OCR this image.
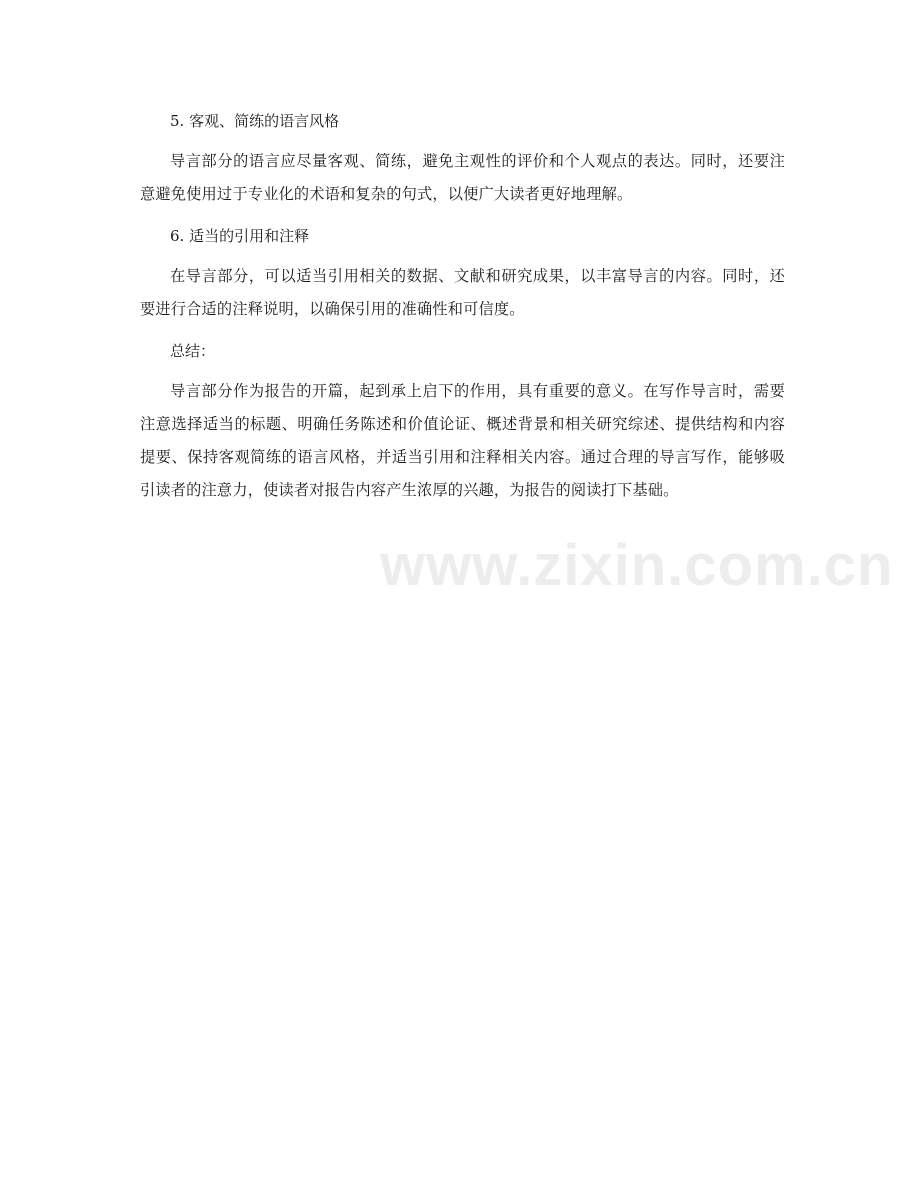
5. 客观、简练的语言风格

导言部分的语言应尽量客观、简练，避免主观性的评价和个人观点的表达。同时，还要注意避免使用过于专业化的术语和复杂的句式，以便广大读者更好地理解。

6. 适当的引用和注释

在导言部分，可以适当引用相关的数据、文献和研究成果，以丰富导言的内容。同时，还要进行合适的注释说明，以确保引用的准确性和可信度。

总结：

导言部分作为报告的开篇，起到承上启下的作用，具有重要的意义。在写作导言时，需要注意选择适当的标题、明确任务陈述和价值论证、概述背景和相关研究综述、提供结构和内容提要、保持客观简练的语言风格，并适当引用和注释相关内容。通过合理的导言写作，能够吸引读者的注意力，使读者对报告内容产生浓厚的兴趣，为报告的阅读打下基础。

www.zixin.com.cn
